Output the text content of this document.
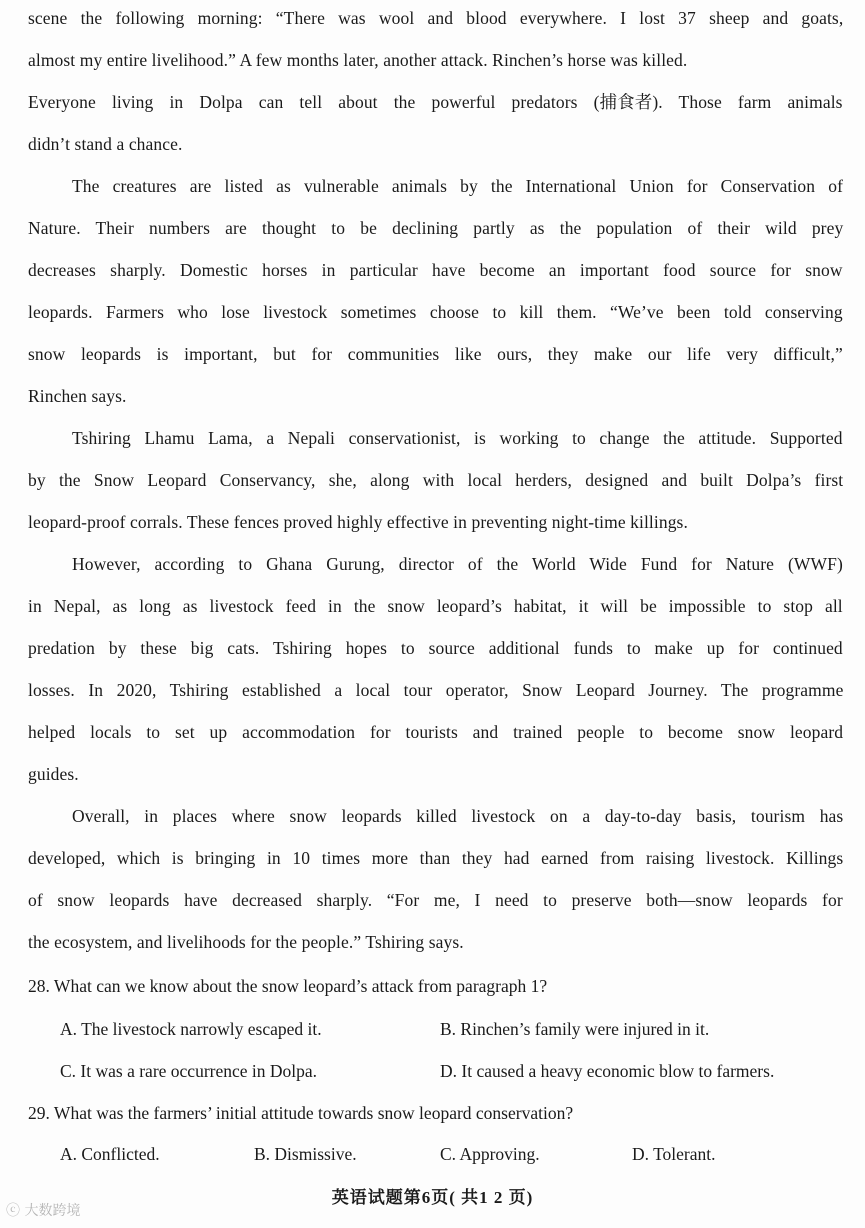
scene the following morning: “There was wool and blood everywhere. I lost 37 sheep and goats,
almost my entire livelihood.” A few months later, another attack. Rinchen’s horse was killed.
Everyone living in Dolpa can tell about the powerful predators (捕食者). Those farm animals
didn’t stand a chance.
The creatures are listed as vulnerable animals by the International Union for Conservation of
Nature. Their numbers are thought to be declining partly as the population of their wild prey
decreases sharply. Domestic horses in particular have become an important food source for snow
leopards. Farmers who lose livestock sometimes choose to kill them. “We’ve been told conserving
snow leopards is important, but for communities like ours, they make our life very difficult,”
Rinchen says.
Tshiring Lhamu Lama, a Nepali conservationist, is working to change the attitude. Supported
by the Snow Leopard Conservancy, she, along with local herders, designed and built Dolpa’s first
leopard-proof corrals. These fences proved highly effective in preventing night-time killings.
However, according to Ghana Gurung, director of the World Wide Fund for Nature (WWF)
in Nepal, as long as livestock feed in the snow leopard’s habitat, it will be impossible to stop all
predation by these big cats. Tshiring hopes to source additional funds to make up for continued
losses. In 2020, Tshiring established a local tour operator, Snow Leopard Journey. The programme
helped locals to set up accommodation for tourists and trained people to become snow leopard
guides.
Overall, in places where snow leopards killed livestock on a day-to-day basis, tourism has
developed, which is bringing in 10 times more than they had earned from raising livestock. Killings
of snow leopards have decreased sharply. “For me, I need to preserve both—snow leopards for
the ecosystem, and livelihoods for the people.” Tshiring says.
28. What can we know about the snow leopard’s attack from paragraph 1?
A. The livestock narrowly escaped it.	B. Rinchen’s family were injured in it.
C. It was a rare occurrence in Dolpa.	D. It caused a heavy economic blow to farmers.
29. What was the farmers’ initial attitude towards snow leopard conservation?
A. Conflicted.	B. Dismissive.	C. Approving.	D. Tolerant.
英语试题第6页( 共1 2 页)
ⓒ 大数跨境
